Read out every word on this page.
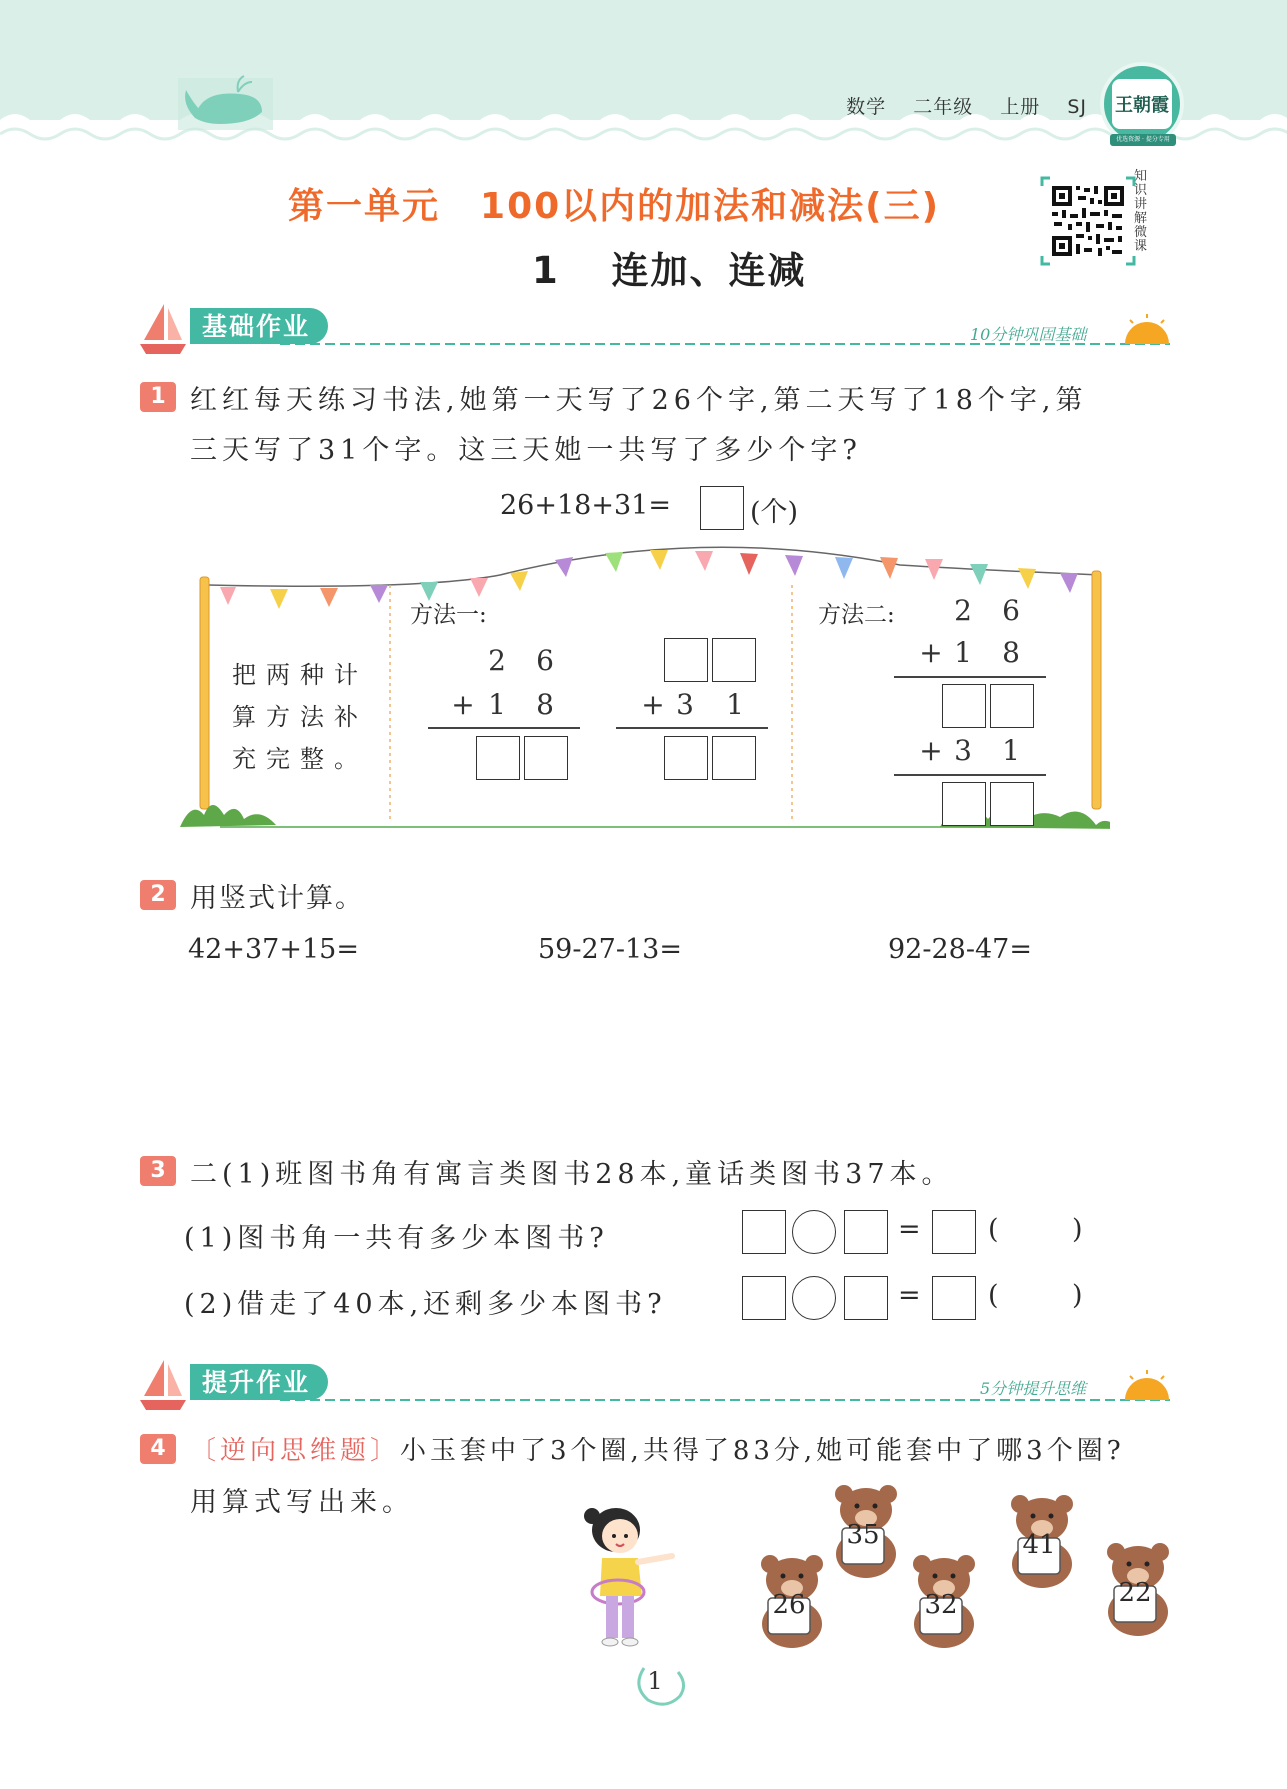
数学 二年级 上册 SJ 王朝霞
优选资源 · 提分专用
第一单元 100以内的加法和减法(三)
1 连加、连减
知识讲解微课
基础作业	10分钟巩固基础
1 红红每天练习书法,她第一天写了26个字,第二天写了18个字,第
三天写了31个字。这三天她一共写了多少个字?
26+18+31=	(个)
把两种计算方法补充完整。
方法一:
2	6
+ 1	8	+ 3	1
方法二:	2	6
+ 1	8
+ 3	1
2 用竖式计算。
42+37+15=	59-27-13=	92-28-47=
3 二(1)班图书角有寓言类图书28本,童话类图书37本。
(1)图书角一共有多少本图书?
(2)借走了40本,还剩多少本图书?
= (	)
= (	)
提升作业	5分钟提升思维
4 〔逆向思维题〕小玉套中了3个圈,共得了83分,她可能套中了哪3个圈?
用算式写出来。
35	41
26	32	22
1
